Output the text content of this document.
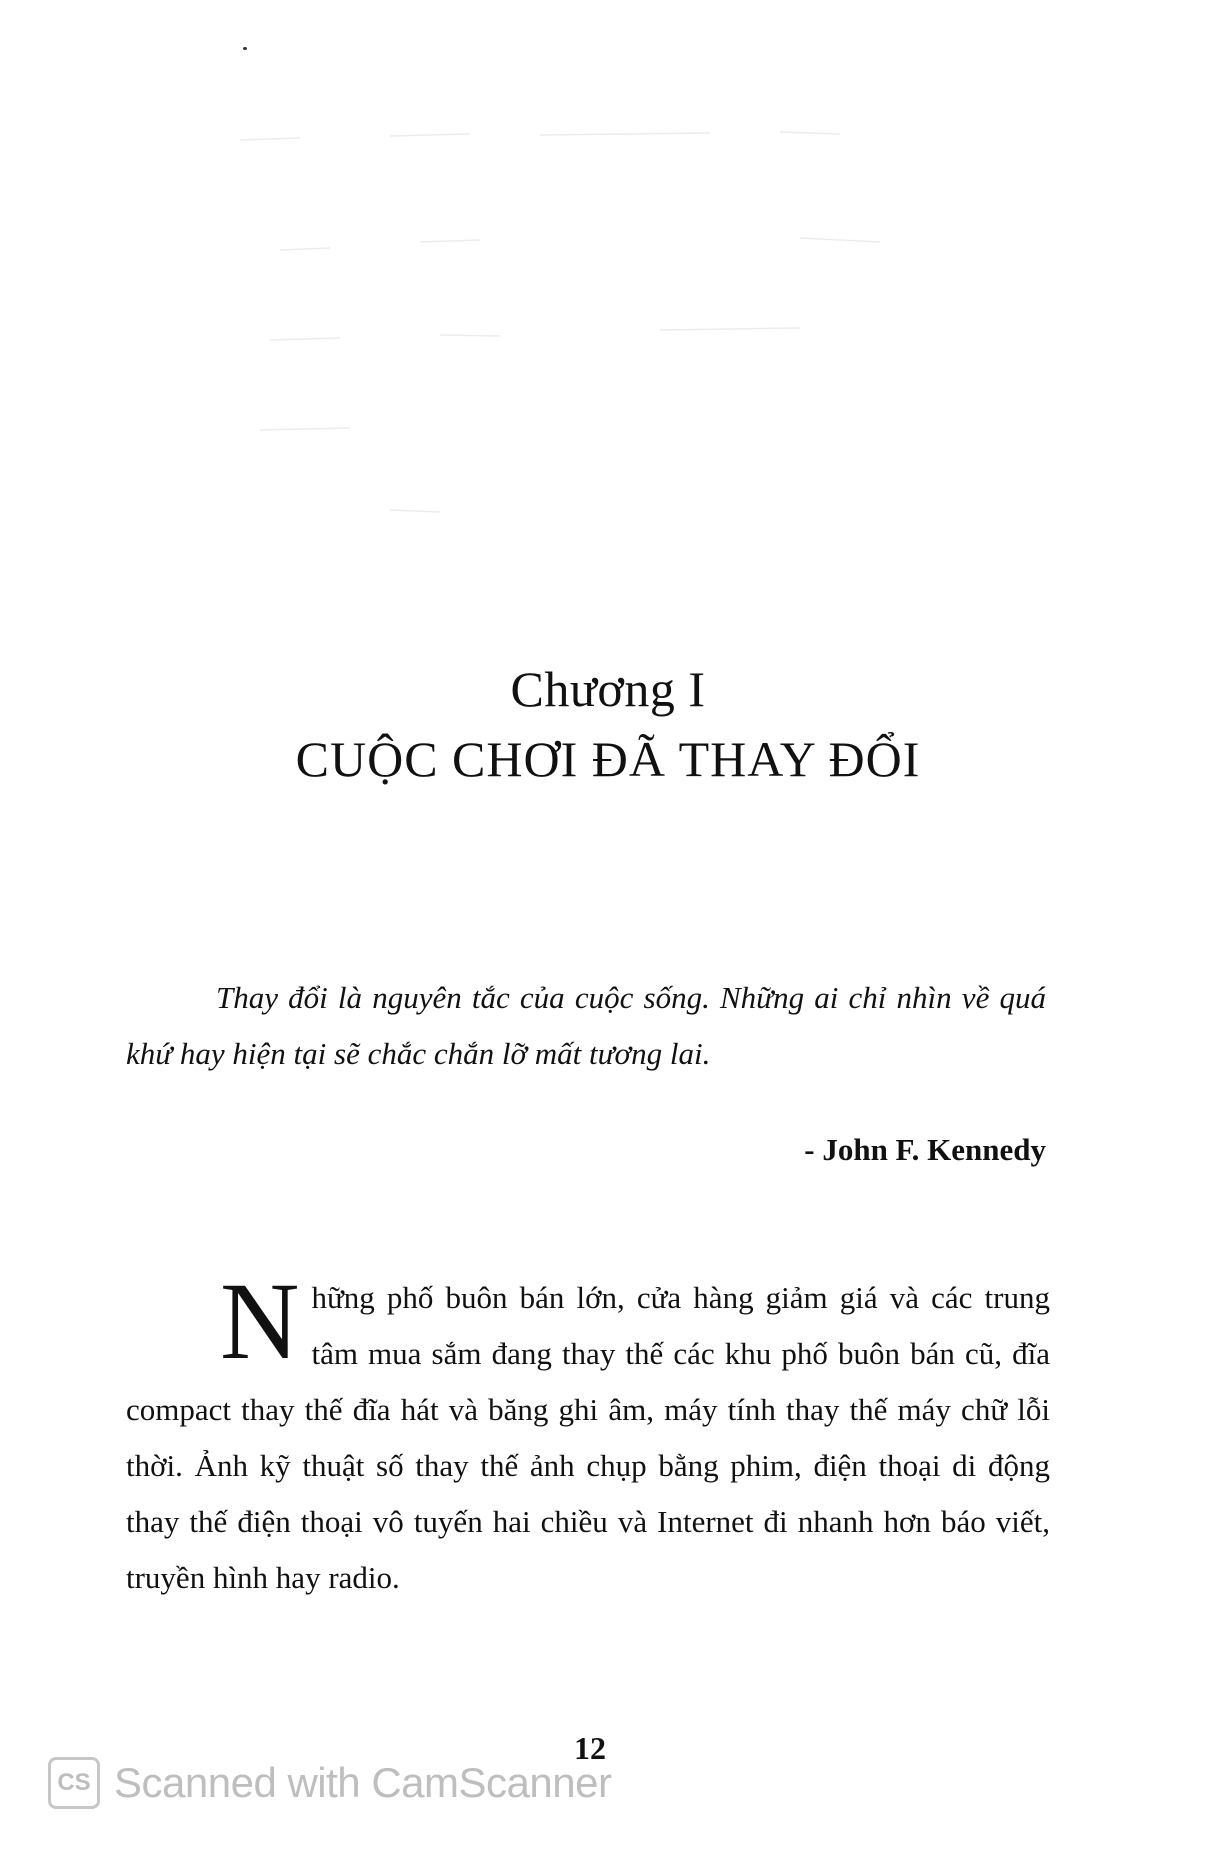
Chương I
CUỘC CHƠI ĐÃ THAY ĐỔI
Thay đổi là nguyên tắc của cuộc sống. Những ai chỉ nhìn về quá khứ hay hiện tại sẽ chắc chắn lỡ mất tương lai.
- John F. Kennedy
Những phố buôn bán lớn, cửa hàng giảm giá và các trung tâm mua sắm đang thay thế các khu phố buôn bán cũ, đĩa compact thay thế đĩa hát và băng ghi âm, máy tính thay thế máy chữ lỗi thời. Ảnh kỹ thuật số thay thế ảnh chụp bằng phim, điện thoại di động thay thế điện thoại vô tuyến hai chiều và Internet đi nhanh hơn báo viết, truyền hình hay radio.
12
CS Scanned with CamScanner
